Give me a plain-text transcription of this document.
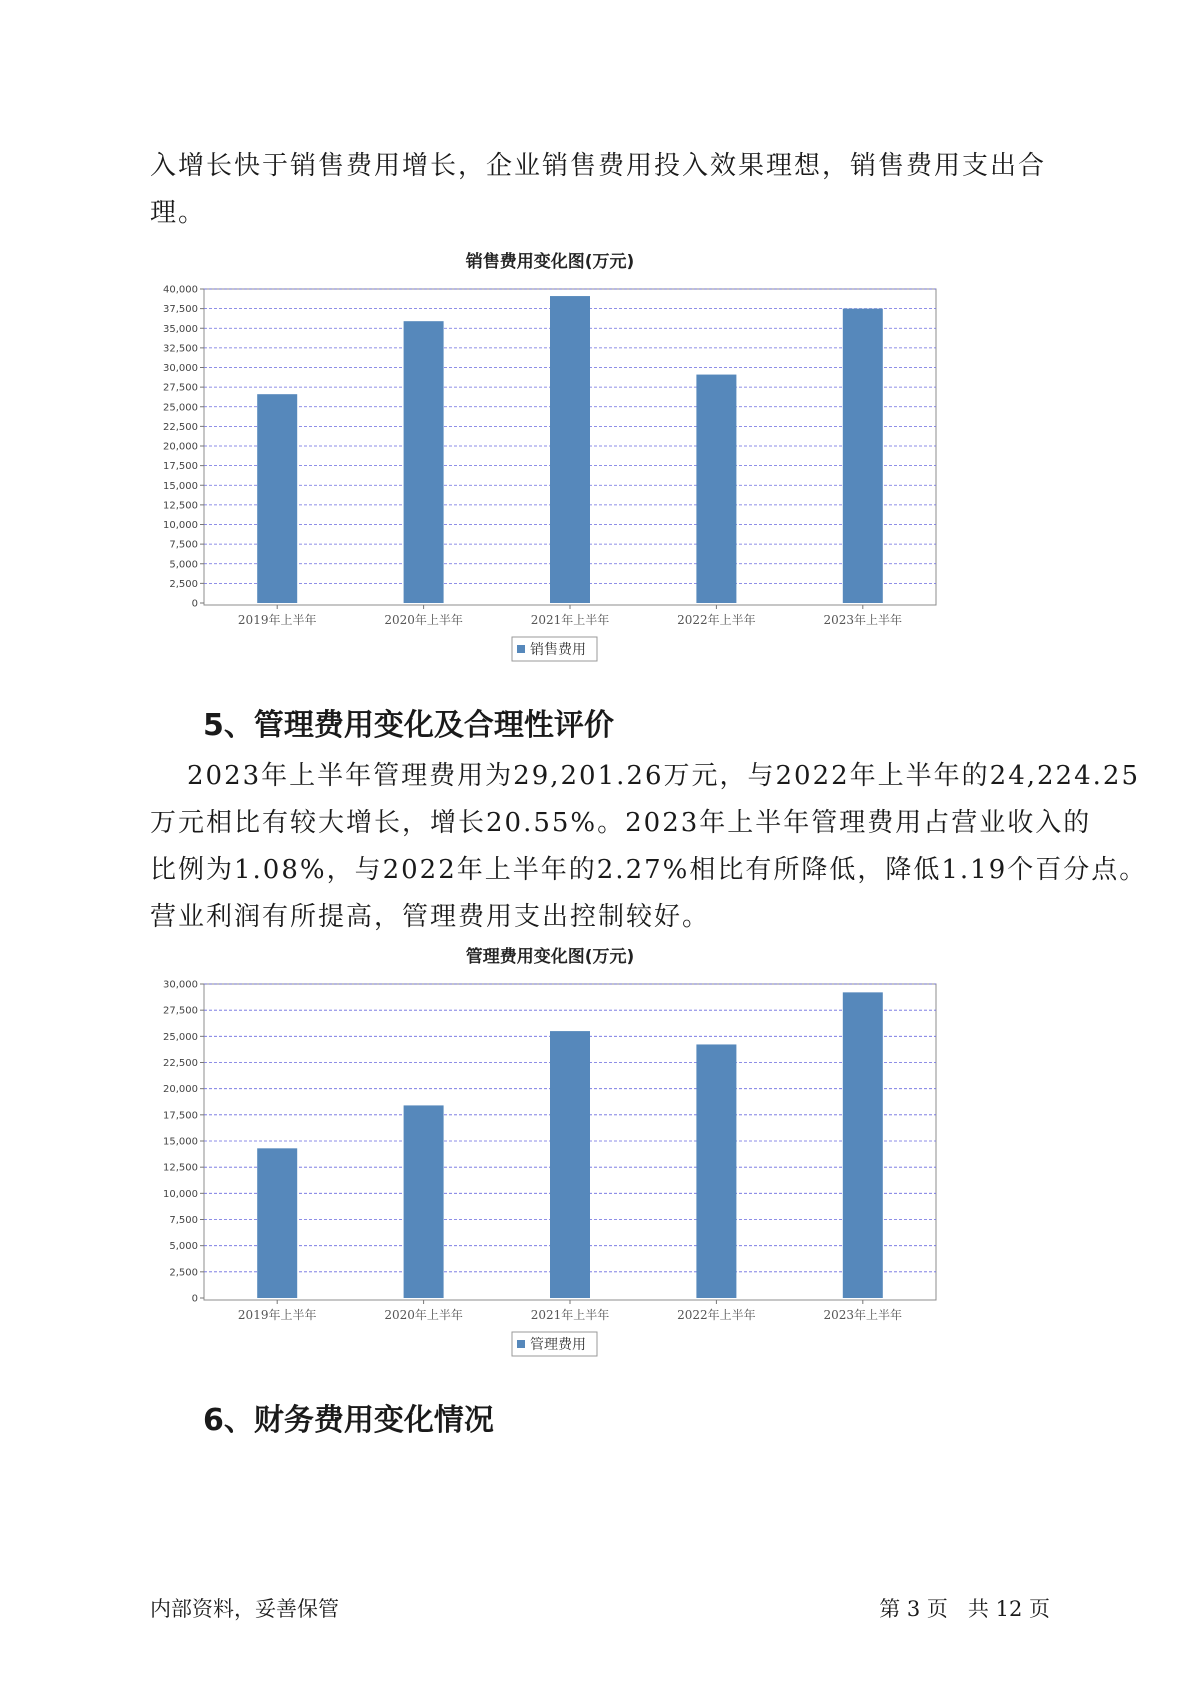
入增长快于销售费用增长，企业销售费用投入效果理想，销售费用支出合
理。
销售费用变化图(万元)
0
2,500
5,000
7,500
10,000
12,500
15,000
17,500
20,000
22,500
25,000
27,500
30,000
32,500
35,000
37,500
40,000
2019年上半年	2020年上半年	2021年上半年	2022年上半年	2023年上半年
销售费用
5、管理费用变化及合理性评价
2023年上半年管理费用为29,201.26万元，与2022年上半年的24,224.25
万元相比有较大增长，增长20.55%。2023年上半年管理费用占营业收入的
比例为1.08%，与2022年上半年的2.27%相比有所降低，降低1.19个百分点。
营业利润有所提高，管理费用支出控制较好。
管理费用变化图(万元)
0
2,500
5,000
7,500
10,000
12,500
15,000
17,500
20,000
22,500
25,000
27,500
30,000
2019年上半年	2020年上半年	2021年上半年	2022年上半年	2023年上半年
管理费用
6、财务费用变化情况
内部资料，妥善保管	第 3 页   共 12 页
